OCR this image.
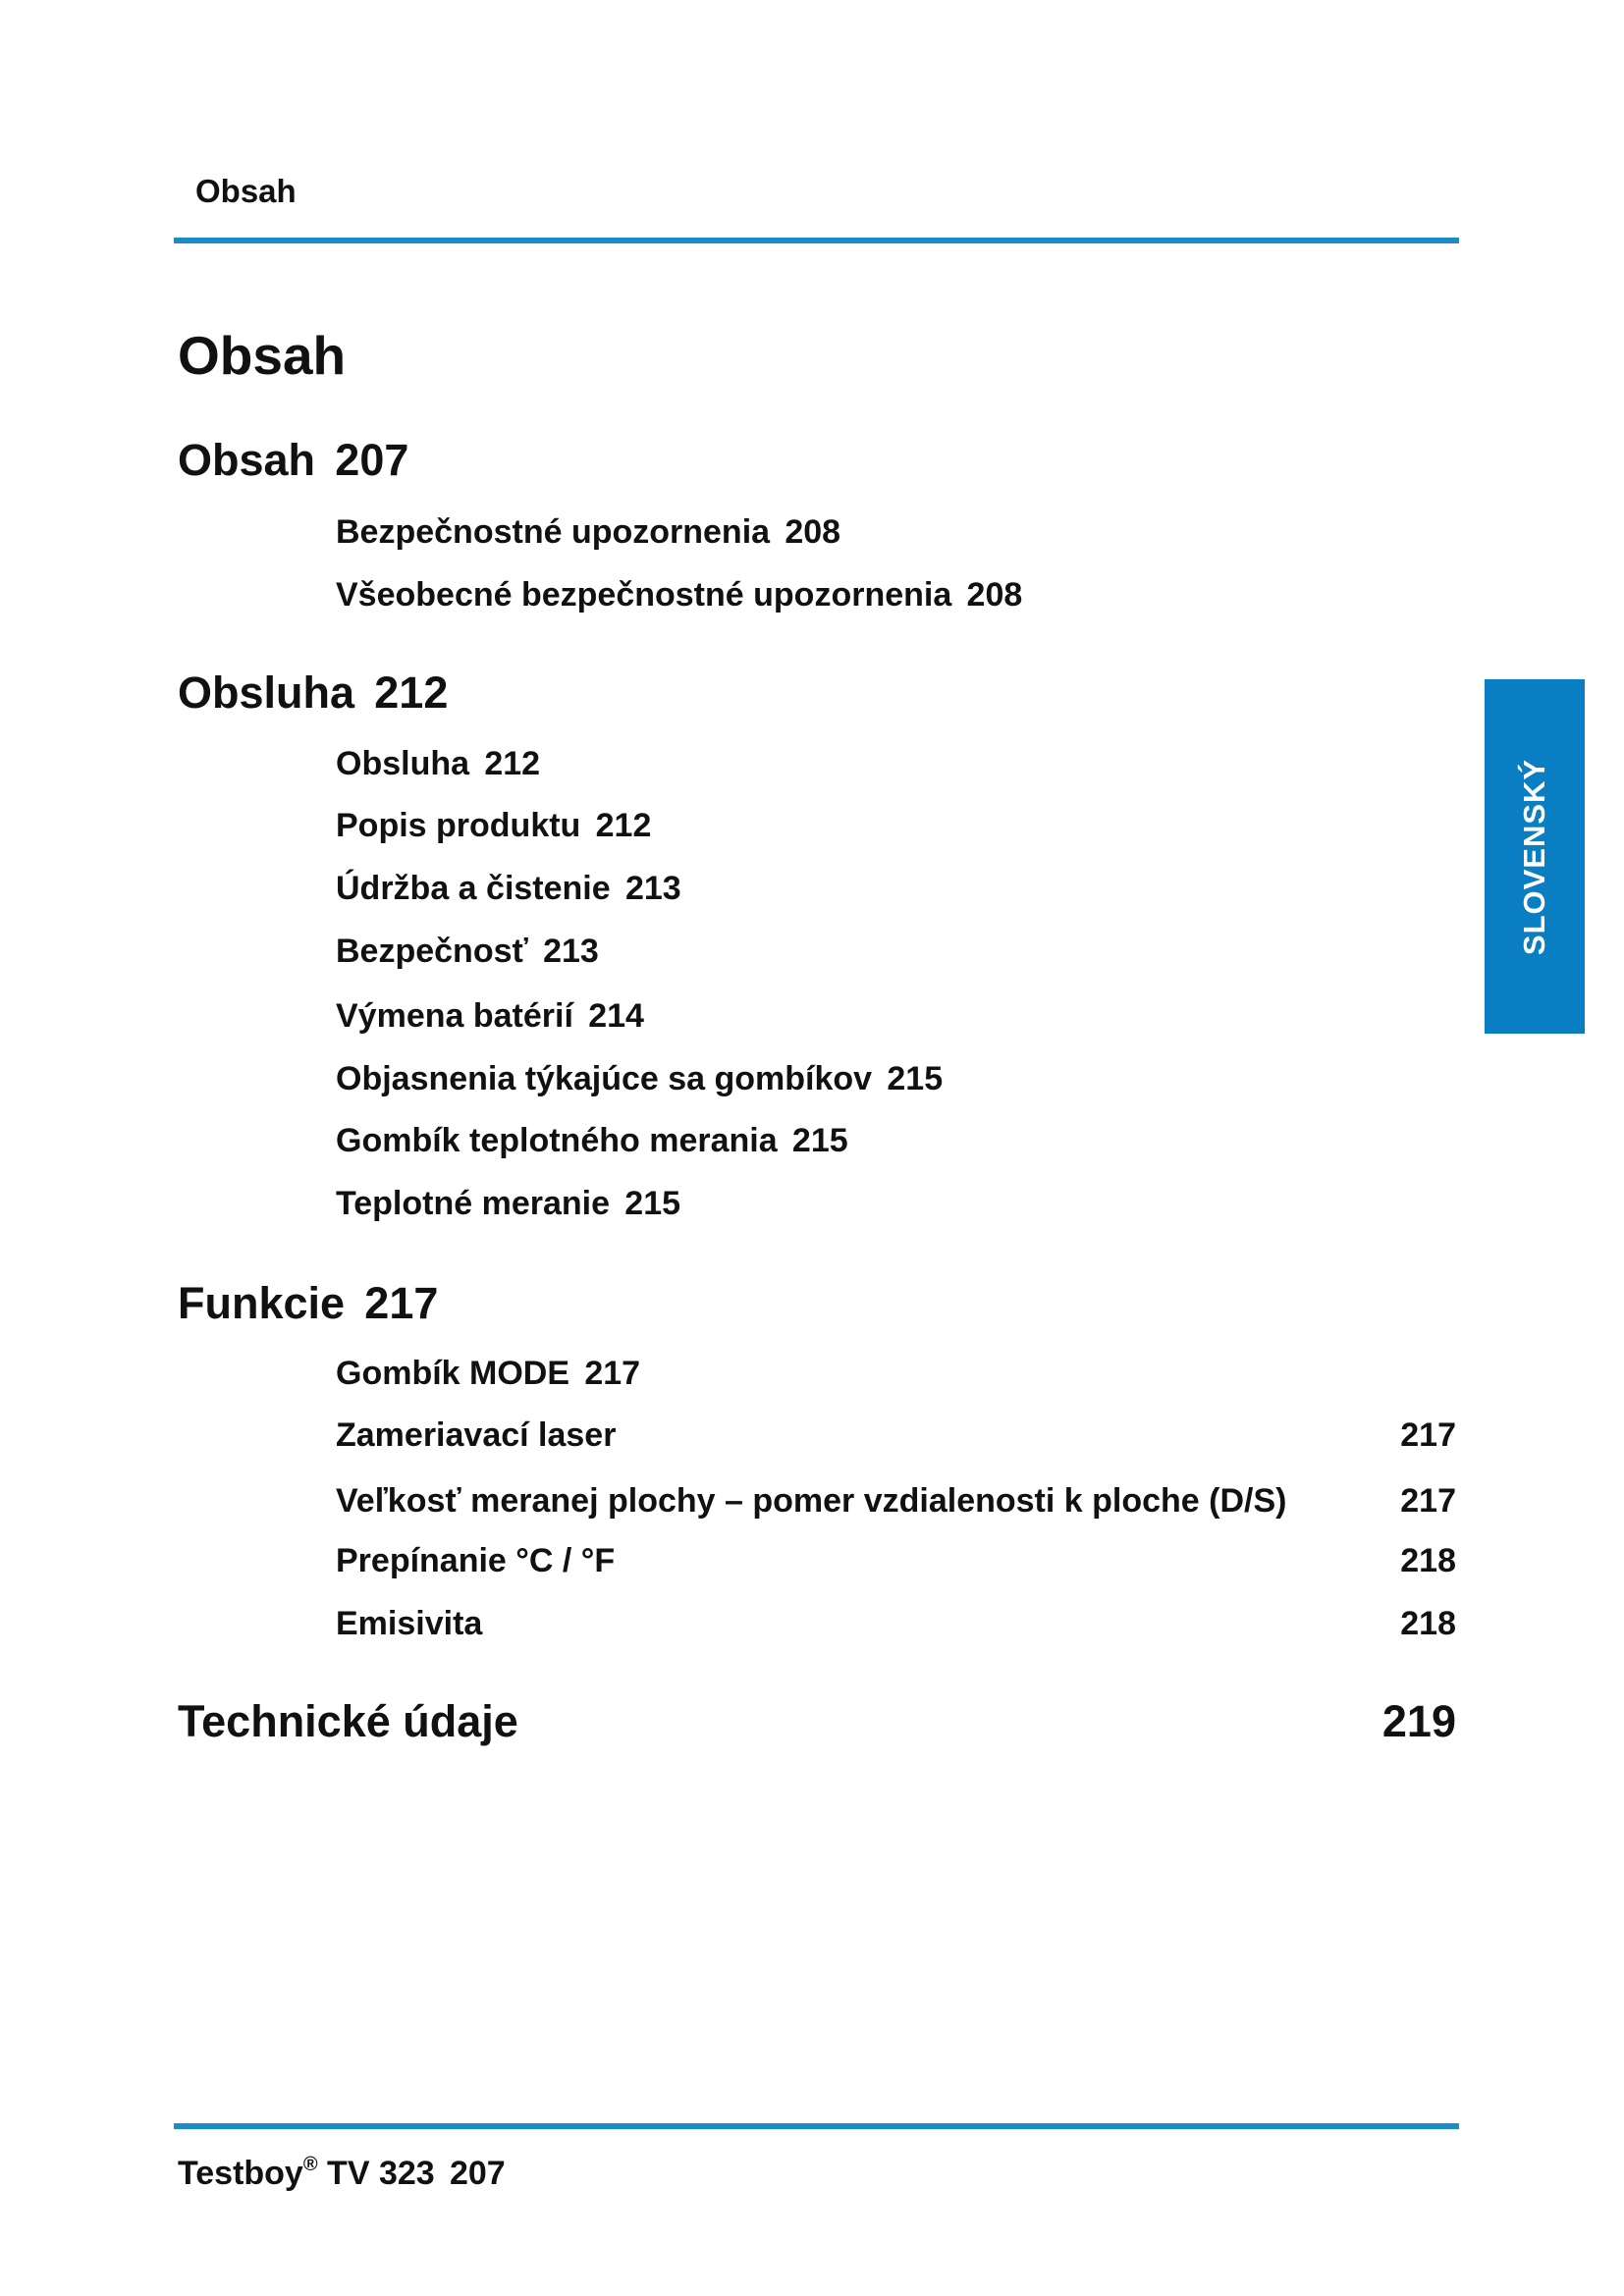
Obsah
Obsah
Obsah 207
Bezpečnostné upozornenia 208
Všeobecné bezpečnostné upozornenia 208
Obsluha 212
Obsluha 212
Popis produktu 212
Údržba a čistenie 213
Bezpečnosť 213
Výmena batérií 214
Objasnenia týkajúce sa gombíkov 215
Gombík teplotného merania 215
Teplotné meranie 215
Funkcie 217
Gombík MODE 217
Zameriavací laser	217
Veľkosť meranej plochy – pomer vzdialenosti k ploche (D/S)	217
Prepínanie °C / °F	218
Emisivita	218
Technické údaje	219
SLOVENSKÝ
Testboy® TV 323 207
